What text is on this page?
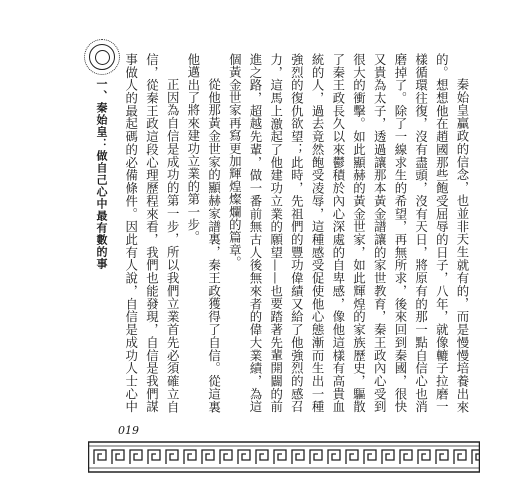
一、秦始皇：做自己心中最有數的事	秦始皇贏政的信念，也並非天生就有的，而是慢慢培養出來的。想想他在趙國那些飽受屈辱的日子，八年，就像轆子拉磨一樣循環往復，沒有盡頭，沒有天日，將原有的那一點自信心也消磨掉了。除了一線求生的希望，再無所求，後來回到秦國，很快又貴為太子，透過讓那本黃金譜讓的家世教育，秦王政內心受到很大的衝擊。如此顯赫的黃金世家，如此輝煌的家族歷史，驅散了秦王政長久以來鬱積於內心深處的自卑感，像他這樣有高貴血統的人，過去竟然飽受凌辱，這種感受促使他心態漸而生出一種強烈的復仇欲望；此時，先祖們的豐功偉績又給了他強烈的感召力，這馬上激起了他建功立業的願望——也要踏著先輩開闢的前進之路，超越先輩，做一番前無古人後無來者的偉大業績，為這個黃金世家再寫更加輝煌燦爛的篇章。

從他那黃金世家的顯赫家譜裏，秦王政獲得了自信。從這裏他邁出了將來建功立業的第一步。

正因為自信是成功的第一步，所以我們立業首先必須確立自信，從秦王政這段心理歷程來看，我們也能發現，自信是我們謀事做人的最起碼的必備條件。因此有人說，自信是成功人士心中

019
